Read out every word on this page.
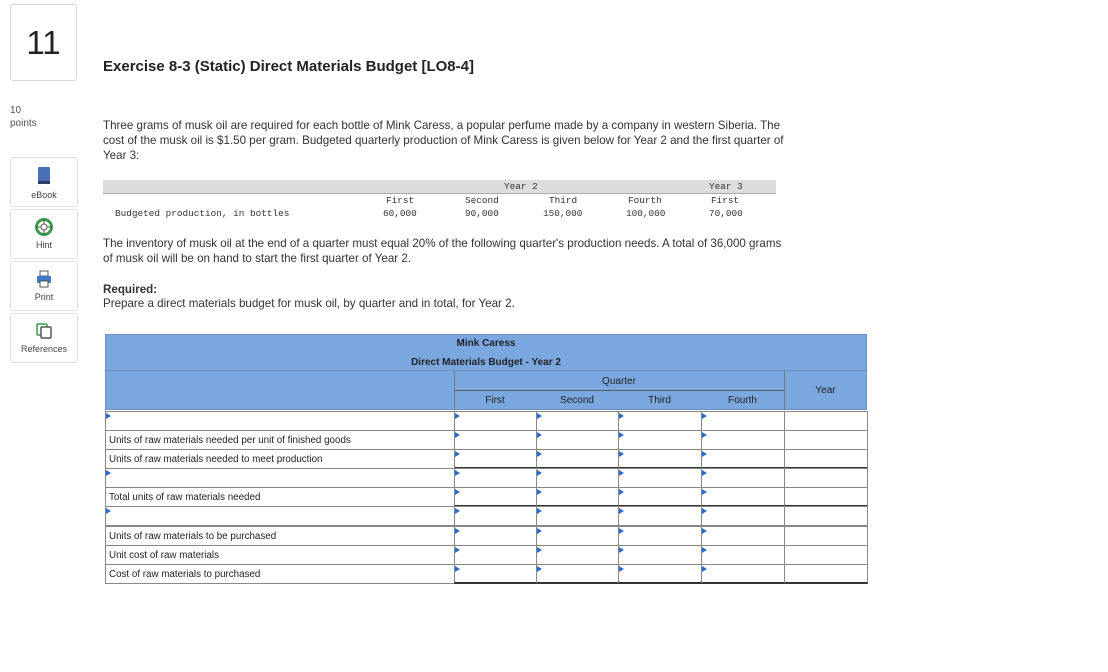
11
10
points
eBook
Hint
Print
References
Exercise 8-3 (Static) Direct Materials Budget [LO8-4]
Three grams of musk oil are required for each bottle of Mink Caress, a popular perfume made by a company in western Siberia. The
cost of the musk oil is $1.50 per gram. Budgeted quarterly production of Mink Caress is given below for Year 2 and the first quarter of
Year 3:
Year 2	Year 3
First	Second	Third	Fourth	First
Budgeted production, in bottles	60,000	90,000	150,000	100,000	70,000
The inventory of musk oil at the end of a quarter must equal 20% of the following quarter's production needs. A total of 36,000 grams
of musk oil will be on hand to start the first quarter of Year 2.
Required:
Prepare a direct materials budget for musk oil, by quarter and in total, for Year 2.
Mink Caress
Direct Materials Budget - Year 2
Quarter
Year
First	Second	Third	Fourth
Units of raw materials needed per unit of finished goods
Units of raw materials needed to meet production
Total units of raw materials needed
Units of raw materials to be purchased
Unit cost of raw materials
Cost of raw materials to purchased
